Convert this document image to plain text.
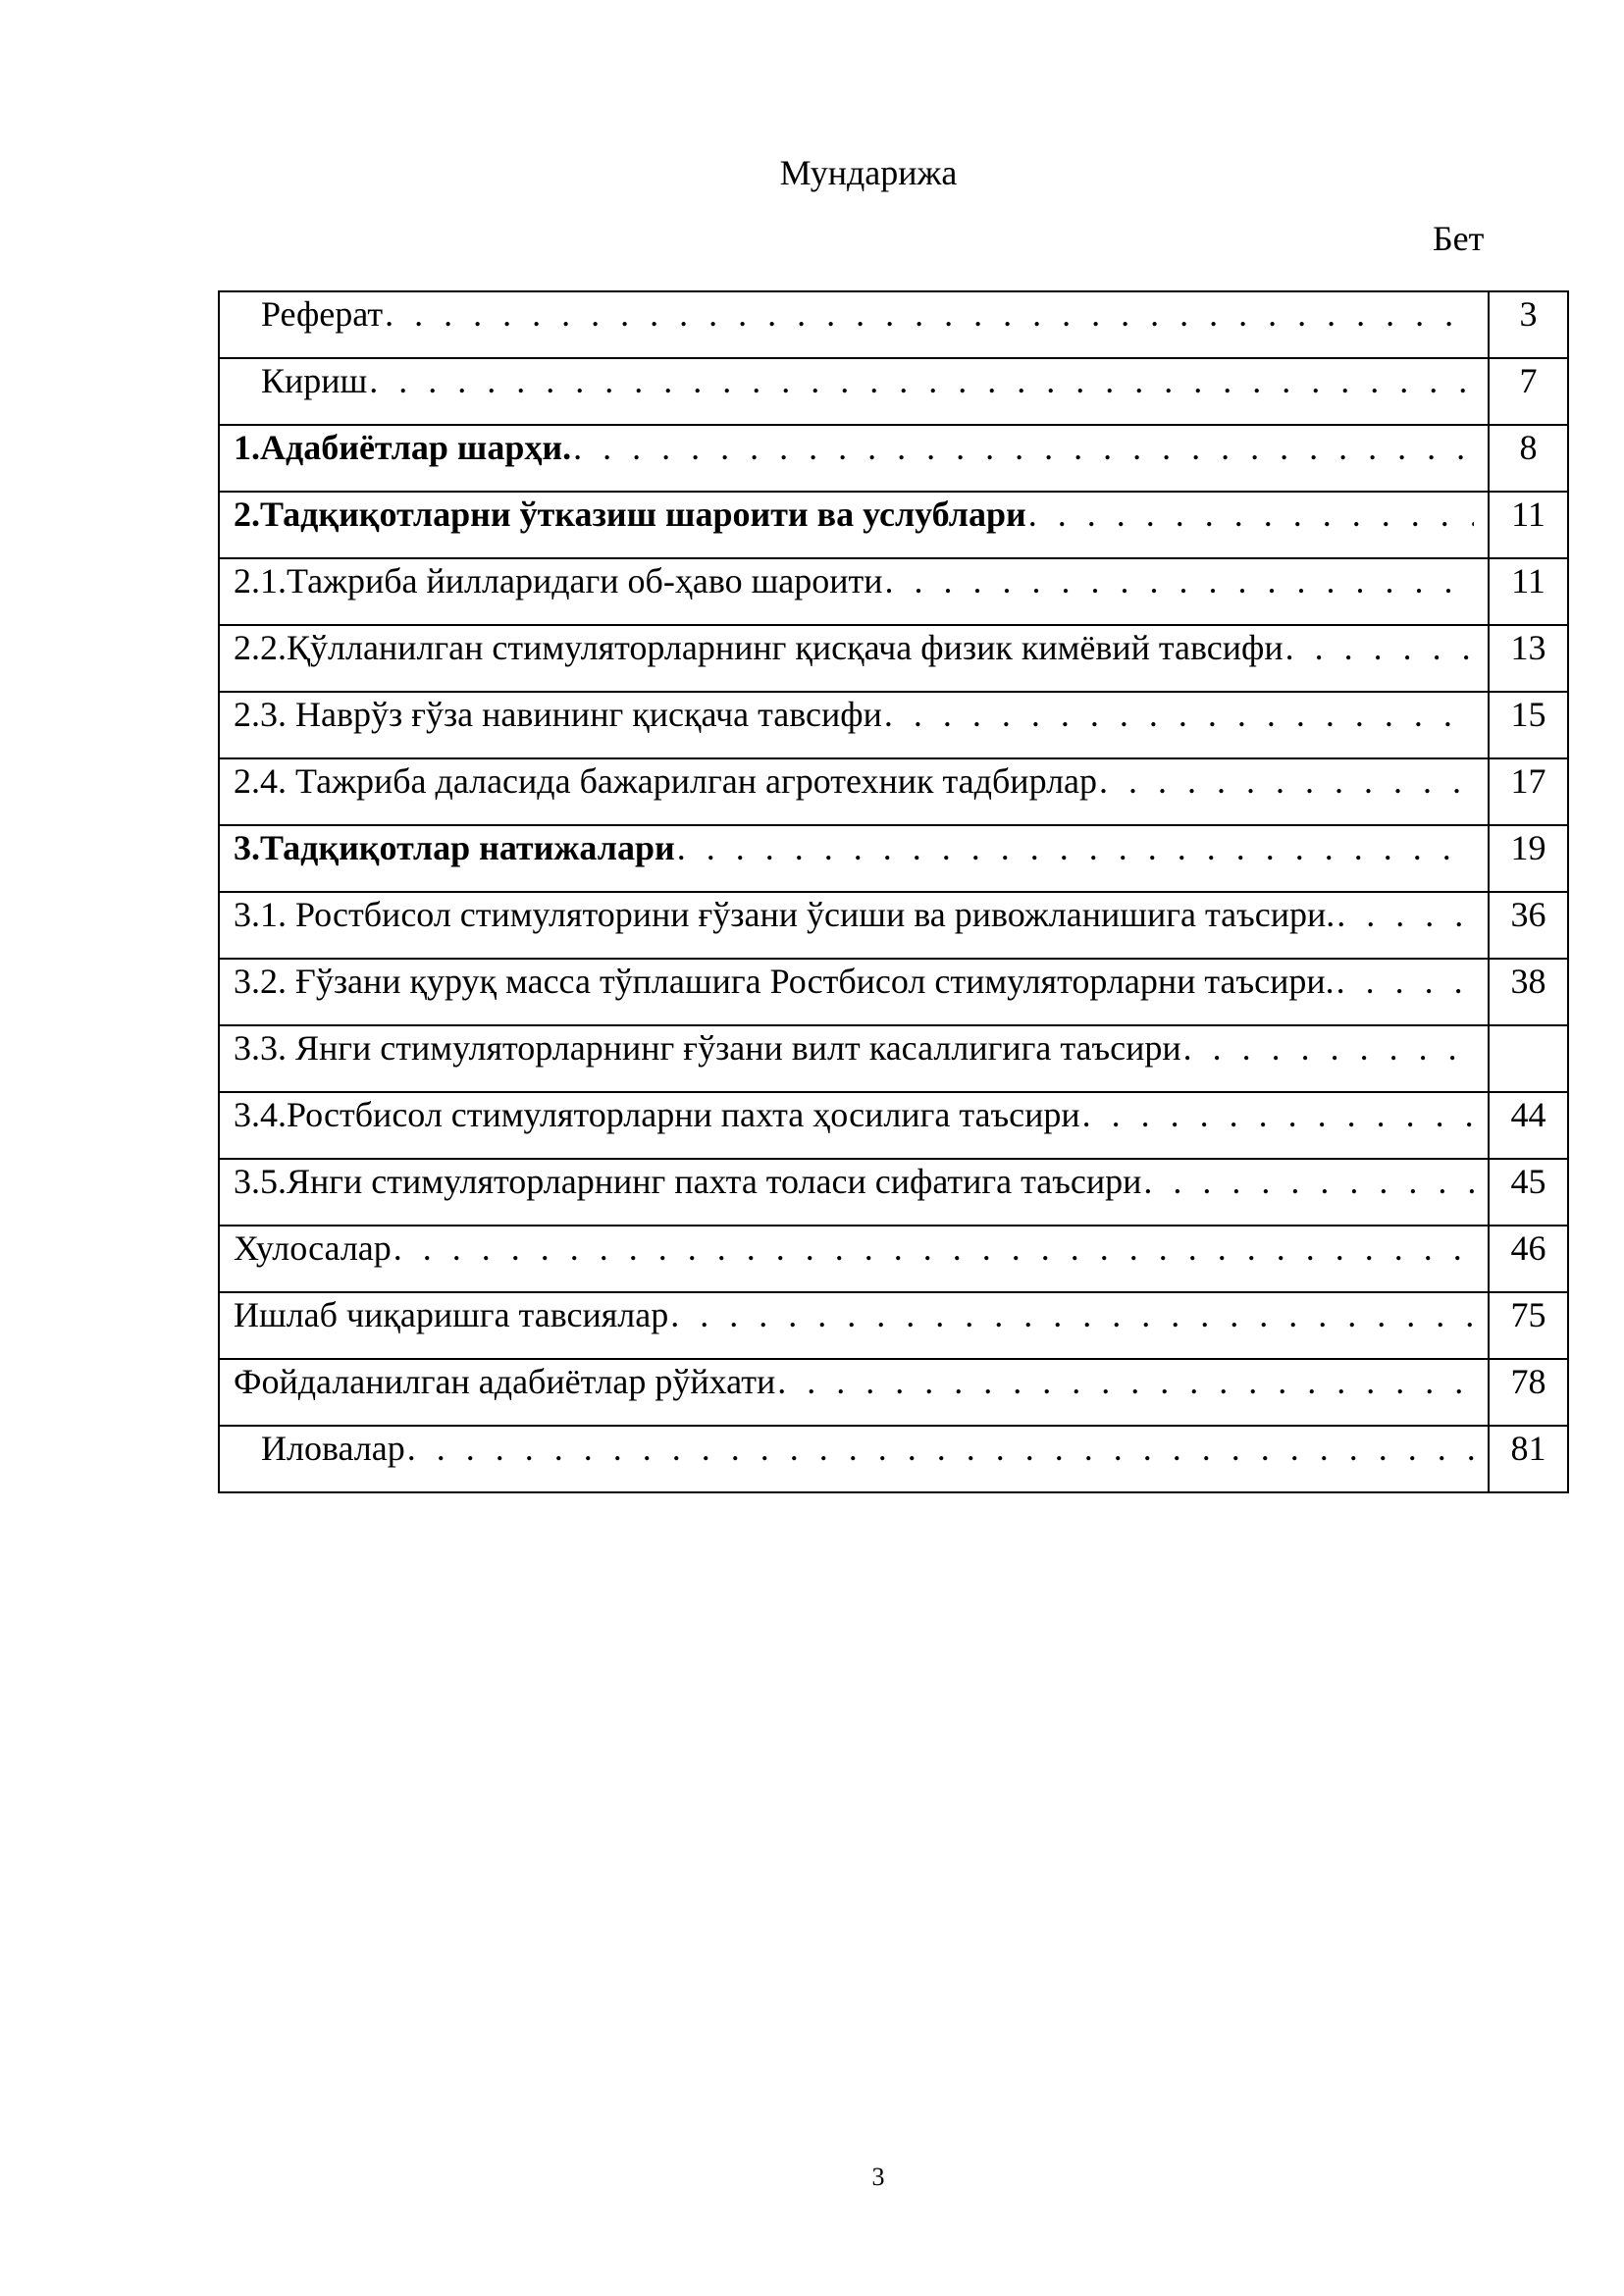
Мундарижа
Бет
Реферат
. . .	3

Кириш
. . .	7

1.Адабиётлар шарҳи.
. . .	8

2.Тадқиқотларни ўтказиш шароити ва услублари
. . .	11

2.1.Тажриба йилларидаги об-ҳаво шароити
. . .	11

2.2.Қўлланилган стимуляторларнинг қисқача физик кимёвий тавсифи
. . .	13

2.3. Наврўз ғўза навининг қисқача тавсифи
. . .	15

2.4. Тажриба даласида бажарилган агротехник тадбирлар
. . .	17

3.Тадқиқотлар натижалари
. . .	19

3.1. Ростбисол стимуляторини ғўзани ўсиши ва ривожланишига таъсири.
. . .	36

3.2. Ғўзани қуруқ масса тўплашига Ростбисол стимуляторларни таъсири.
. . .	38

3.3. Янги стимуляторларнинг ғўзани вилт касаллигига таъсири
. . .

3.4.Ростбисол стимуляторларни пахта ҳосилига таъсири
. . .	44

3.5.Янги стимуляторларнинг пахта толаси сифатига таъсири
. . .	45

Хулосалар
. . .	46

Ишлаб чиқаришга тавсиялар
. . .	75

Фойдаланилган адабиётлар рўйхати
. . .	78

Иловалар
. . .	81
3
